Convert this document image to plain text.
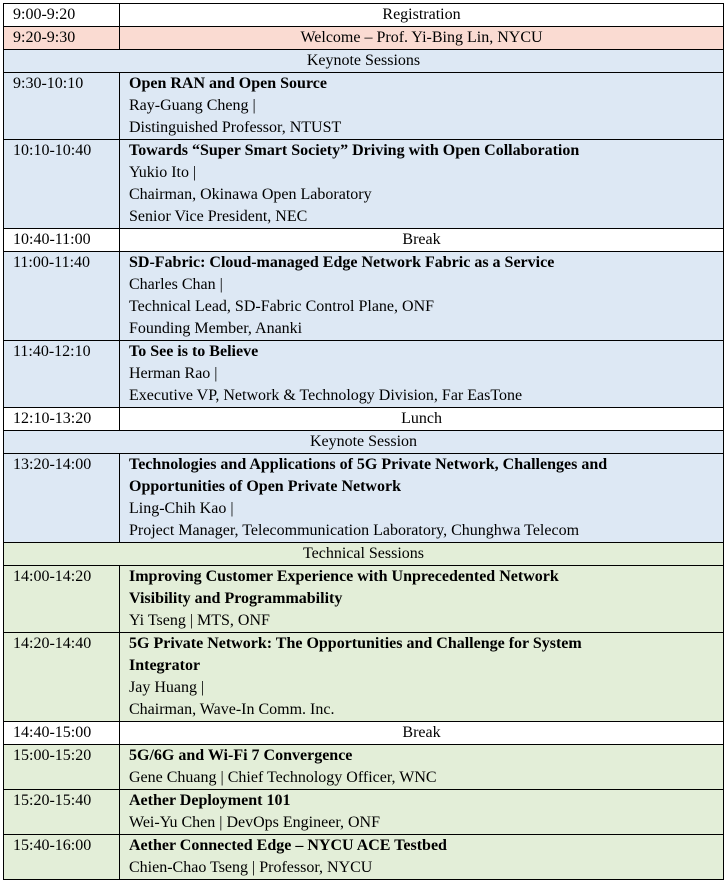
9:00-9:20	Registration
9:20-9:30	Welcome – Prof. Yi-Bing Lin, NYCU
Keynote Sessions	
9:30-10:10	Open RAN and Open Source
Ray-Guang Cheng |
Distinguished Professor, NTUST

10:10-10:40	Towards “Super Smart Society” Driving with Open Collaboration
Yukio Ito |
Chairman, Okinawa Open Laboratory
Senior Vice President, NEC

10:40-11:00	Break
11:00-11:40	SD-Fabric: Cloud-managed Edge Network Fabric as a Service
Charles Chan |
Technical Lead, SD-Fabric Control Plane, ONF
Founding Member, Ananki

11:40-12:10	To See is to Believe
Herman Rao |
Executive VP, Network & Technology Division, Far EasTone

12:10-13:20	Lunch
Keynote Session	
13:20-14:00	Technologies and Applications of 5G Private Network, Challenges and
Opportunities of Open Private Network
Ling-Chih Kao |
Project Manager, Telecommunication Laboratory, Chunghwa Telecom

Technical Sessions	
14:00-14:20	Improving Customer Experience with Unprecedented Network
Visibility and Programmability
Yi Tseng | MTS, ONF

14:20-14:40	5G Private Network: The Opportunities and Challenge for System
Integrator
Jay Huang |
Chairman, Wave-In Comm. Inc.

14:40-15:00	Break
15:00-15:20	5G/6G and Wi-Fi 7 Convergence
Gene Chuang | Chief Technology Officer, WNC

15:20-15:40	Aether Deployment 101
Wei-Yu Chen | DevOps Engineer, ONF

15:40-16:00	Aether Connected Edge – NYCU ACE Testbed
Chien-Chao Tseng | Professor, NYCU
